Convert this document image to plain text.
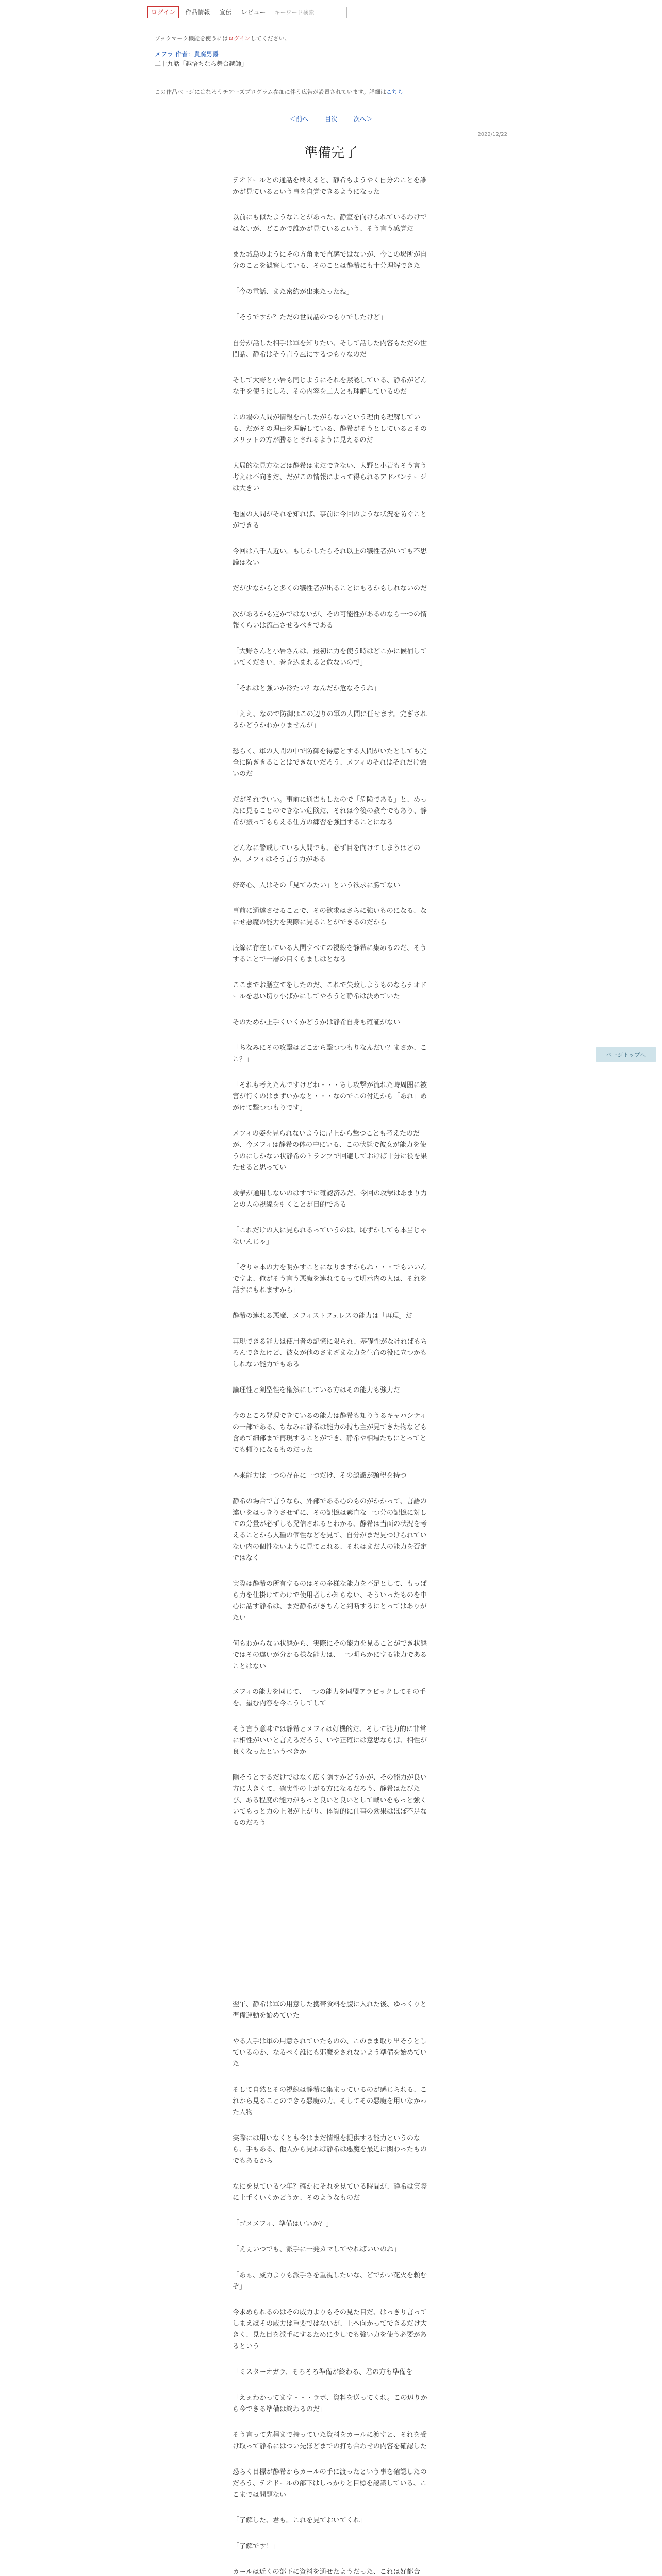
ログイン	作品情報	宣伝	レビュー	キーワード検索
ブックマーク機能を使うにはログインしてください。
メフラ 作者：貴腐男爵
二十九話「越悟ちなら舞台越師」
この作品ページにはなろうチアーズプログラム参加に伴う広告が設置されています。詳細はこちら
＜前へ	目次	次へ＞
2022/12/22
準備完了

テオドールとの通話を終えると、静希もようやく自分のことを誰かが見ているという事を自覚できるようになった

以前にも似たようなことがあった、静室を向けられているわけではないが、どこかで誰かが見ているという、そう言う感覚だ

また城島のようにその方角まで直感ではないが、今この場所が自分のことを観察している、そのことは静希にも十分理解できた

「今の電話、また密約が出来たったね」

「そうですか？ただの世間話のつもりでしたけど」

自分が話した相手は軍を知りたい、そして話した内容もただの世間話、静希はそう言う風にするつもりなのだ

そして大野と小岩も同じようにそれを黙認している、静希がどんな手を使うにしろ、その内容を二人とも理解しているのだ

この場の人間が情報を出したがらないという理由も理解している、だがその理由を理解している、静希がそうとしているとそのメリットの方が勝るとされるように見えるのだ

大局的な見方などは静希はまだできない、大野と小岩もそう言う考えは不向きだ、だがこの情報によって得られるアドバンテージは大きい

他国の人間がそれを知れば、事前に今回のような状況を防ぐことができる

今回は八千人近い。もしかしたらそれ以上の犠牲者がいても不思議はない

だが少なからと多くの犠牲者が出ることにもるかもしれないのだ

次があるかも定かではないが、その可能性があるのなら一つの情報くらいは流出させるべきである

「大野さんと小岩さんは、最初に力を使う時はどこかに候補していてください、巻き込まれると危ないので」

「それはと強いか冷たい？なんだか危なそうね」

「ええ、なので防御はこの辺りの軍の人間に任せます。完ぎされるかどうかわかりませんが」

恐らく、軍の人間の中で防御を得意とする人間がいたとしても完全に防ぎきることはできないだろう、メフィのそれはそれだけ強いのだ

だがそれでいい。事前に通告もしたので「危険である」と、めったに見ることのできない危険だ、それは今後の教育でもあり、静希が振ってもらえる仕方の練習を強固することになる

どんなに警戒している人間でも、必ず目を向けてしまうはどのか、メフィはそう言う力がある

好奇心、人はその「見てみたい」という欲求に勝てない

事前に通達させることで、その欲求はさらに強いものになる、なにせ悪魔の能力を実際に見ることができるのだから

底線に存在している人間すべての視線を静希に集めるのだ、そうすることで一層の目くらましはとなる

ここまでお膳立てをしたのだ、これで失敗しようものならテオドールを思い切り小ばかにしてやろうと静希は決めていた

そのためか上手くいくかどうかは静希自身も確証がない

「ちなみにその攻撃はどこから撃つつもりなんだい？まさか、ここ？」

「それも考えたんですけどね・・・ちし攻撃が流れた時周囲に被害が行くのはまずいかなと・・・なのでこの付近から「あれ」めがけて撃つつもりです」

メフィの姿を見られないように岸上から撃つことも考えたのだが、今メフィは静希の体の中にいる、この状態で彼女が能力を使うのにしかない状静希のトランプで回避しておけば十分に役を果たせると思ってい

攻撃が通用しないのはすでに確認済みだ、今回の攻撃はあまり力との人の視線を引くことが目的である

「これだけの人に見られるっていうのは、恥ずかしても本当じゃないんじゃ」

「ぞりゃ本の力を明かすことになりますからね・・・でもいいんですよ、俺がそう言う悪魔を連れてるって明示内の人は、それを話すにもれますから」

静希の連れる悪魔、メフィストフェレスの能力は「再現」だ

再現できる能力は使用者の記憶に限られ、基礎性がなければもちろんできたけど、彼女が他のさまざまな力を生命の役に立つかもしれない能力でもある

論理性と剣型性を権然にしている方はその能力も強力だ

今のところ発現できているの能力は静希も知りうるキャパシティの一部である、ちなみに静希は能力の持ち主が見てきた物なども含めて細部まで再現することができ、静希や相場たちにとってとても頼りになるものだった

本来能力は一つの存在に一つだけ、その認識が頭望を持つ

静希の場合で言うなら、外部である心のものがかかって、言語の違いをはっきりさせずに、その記憶は素直な一つ分の記憶に対しての分量が必ずしも発信されるとわかる、静希は当面の状況を考えることから人種の個性などを見て、自分がまだ見つけられていない内の個性ないように見てとれる、それはまだ人の能力を否定ではなく

実際は静希の所有するのはその多様な能力を不足として、もっぱら力を仕掛けてわけで使用者しか知らない、そういったものを中心に話す静希は、まだ静希がきちんと判断するにとってはありがたい

何もわからない状態から、実際にその能力を見ることができ状態ではその違いが分かる様な能力は、一つ明らかにする能力であることはない

メフィの能力を同じて、一つの能力を同盟アラビックしてその手を、望む内容を今こうしてして

そう言う意味では静希とメフィは好機的だ、そして能力的に非常に相性がいいと言えるだろう、いや正確には意思ならば、相性が良くなったというべきか

隠そうとするだけではなく広く隠すかどうかが、その能力が良い方に大きくて、確実性の上がる方になるだろう、静希はたびたび、ある程度の能力がもっと良いと良いとして戦いをもっと強くいてもっと力の上限が上がり、体質的に仕事の効果はほぼ不足なるのだろう

ページトップへ

翌午、静希は軍の用意した携帯食料を腹に入れた後、ゆっくりと準備運動を始めていた

やる人手は軍の用意されていたものの、このまま取り出そうとしているのか、なるべく誰にも邪魔をされないよう準備を始めていた

そして自然とその視線は静希に集まっているのが感じられる、これから見ることのできる悪魔の力、そしてその悪魔を用いなかった人物

実際には用いなくとも今はまだ情報を提供する能力というのなら、手もある、他人から見れば静希は悪魔を最近に関わったものでもあるから

なにを見ている少年？確かにそれを見ている時間が、静希は実際に上手くいくかどうか、そのようなものだ

「ゴメメフィ、準備はいいか？」

「えぇいつでも、派手に一発カマしてやればいいのね」

「あぁ、威力よりも派手さを重視したいな、どでかい花火を頼むぞ」

今求められるのはその威力よりもその見た目だ、はっきり言ってしまえばその威力は重要ではないが、上へ向かってできるだけ大きく、見た目を派手にするために少しでも強い力を使う必要があるという

「ミスターオガラ、そろそろ準備が終わる、君の方も準備を」

「えぇわかってます・・・ラボ、資料を送ってくれ。この辺りから今できる準備は終わるのだ」

そう言って先程まで持っていた資料をカールに渡すと、それを受け取って静希にはつい先ほどまでの打ち合わせの内容を確認した

恐らく目標が静希からカールの手に渡ったという事を確認したのだろう、テオドールの部下はしっかりと目標を認識している、ここまでは問題ない

「了解した、君も。これを見ておいてくれ」

「了解です！」

カールは近くの部下に資料を通せたようだった、これは好都合
